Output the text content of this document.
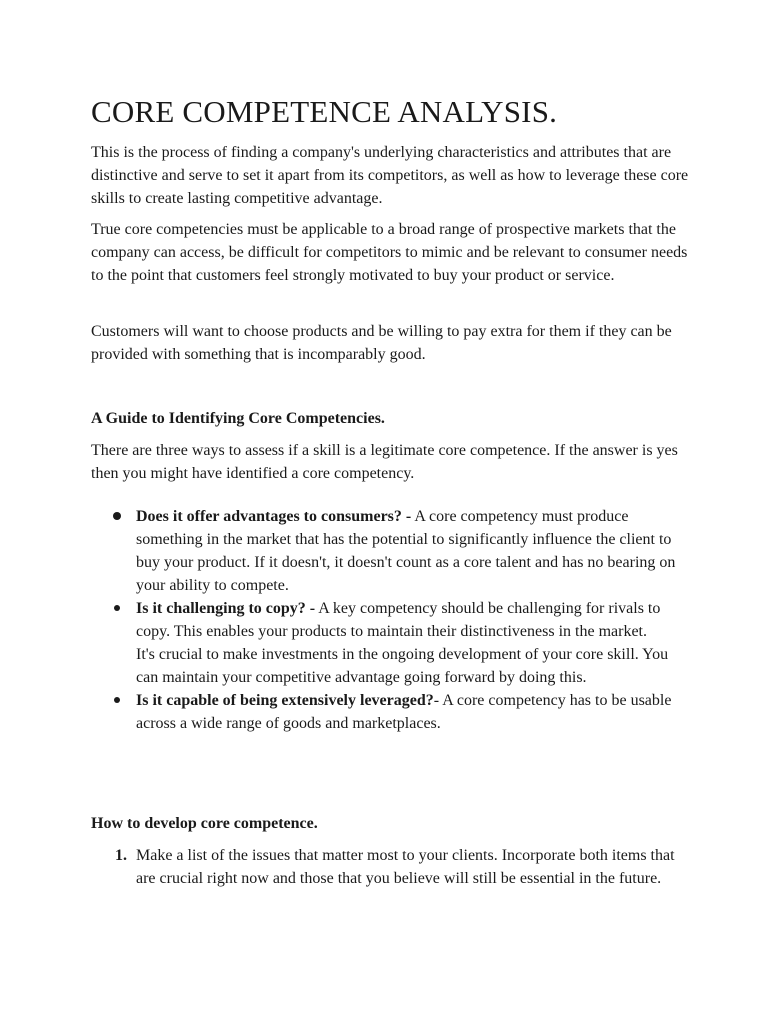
CORE COMPETENCE ANALYSIS.

This is the process of finding a company's underlying characteristics and attributes that are distinctive and serve to set it apart from its competitors, as well as how to leverage these core skills to create lasting competitive advantage.

True core competencies must be applicable to a broad range of prospective markets that the company can access, be difficult for competitors to mimic and be relevant to consumer needs to the point that customers feel strongly motivated to buy your product or service.

Customers will want to choose products and be willing to pay extra for them if they can be provided with something that is incomparably good.

A Guide to Identifying Core Competencies.

There are three ways to assess if a skill is a legitimate core competence. If the answer is yes then you might have identified a core competency.

Does it offer advantages to consumers? - A core competency must produce something in the market that has the potential to significantly influence the client to buy your product. If it doesn't, it doesn't count as a core talent and has no bearing on your ability to compete.
Is it challenging to copy? - A key competency should be challenging for rivals to copy. This enables your products to maintain their distinctiveness in the market.
It's crucial to make investments in the ongoing development of your core skill. You can maintain your competitive advantage going forward by doing this.
Is it capable of being extensively leveraged?- A core competency has to be usable across a wide range of goods and marketplaces.
How to develop core competence.
1. Make a list of the issues that matter most to your clients. Incorporate both items that are crucial right now and those that you believe will still be essential in the future.
